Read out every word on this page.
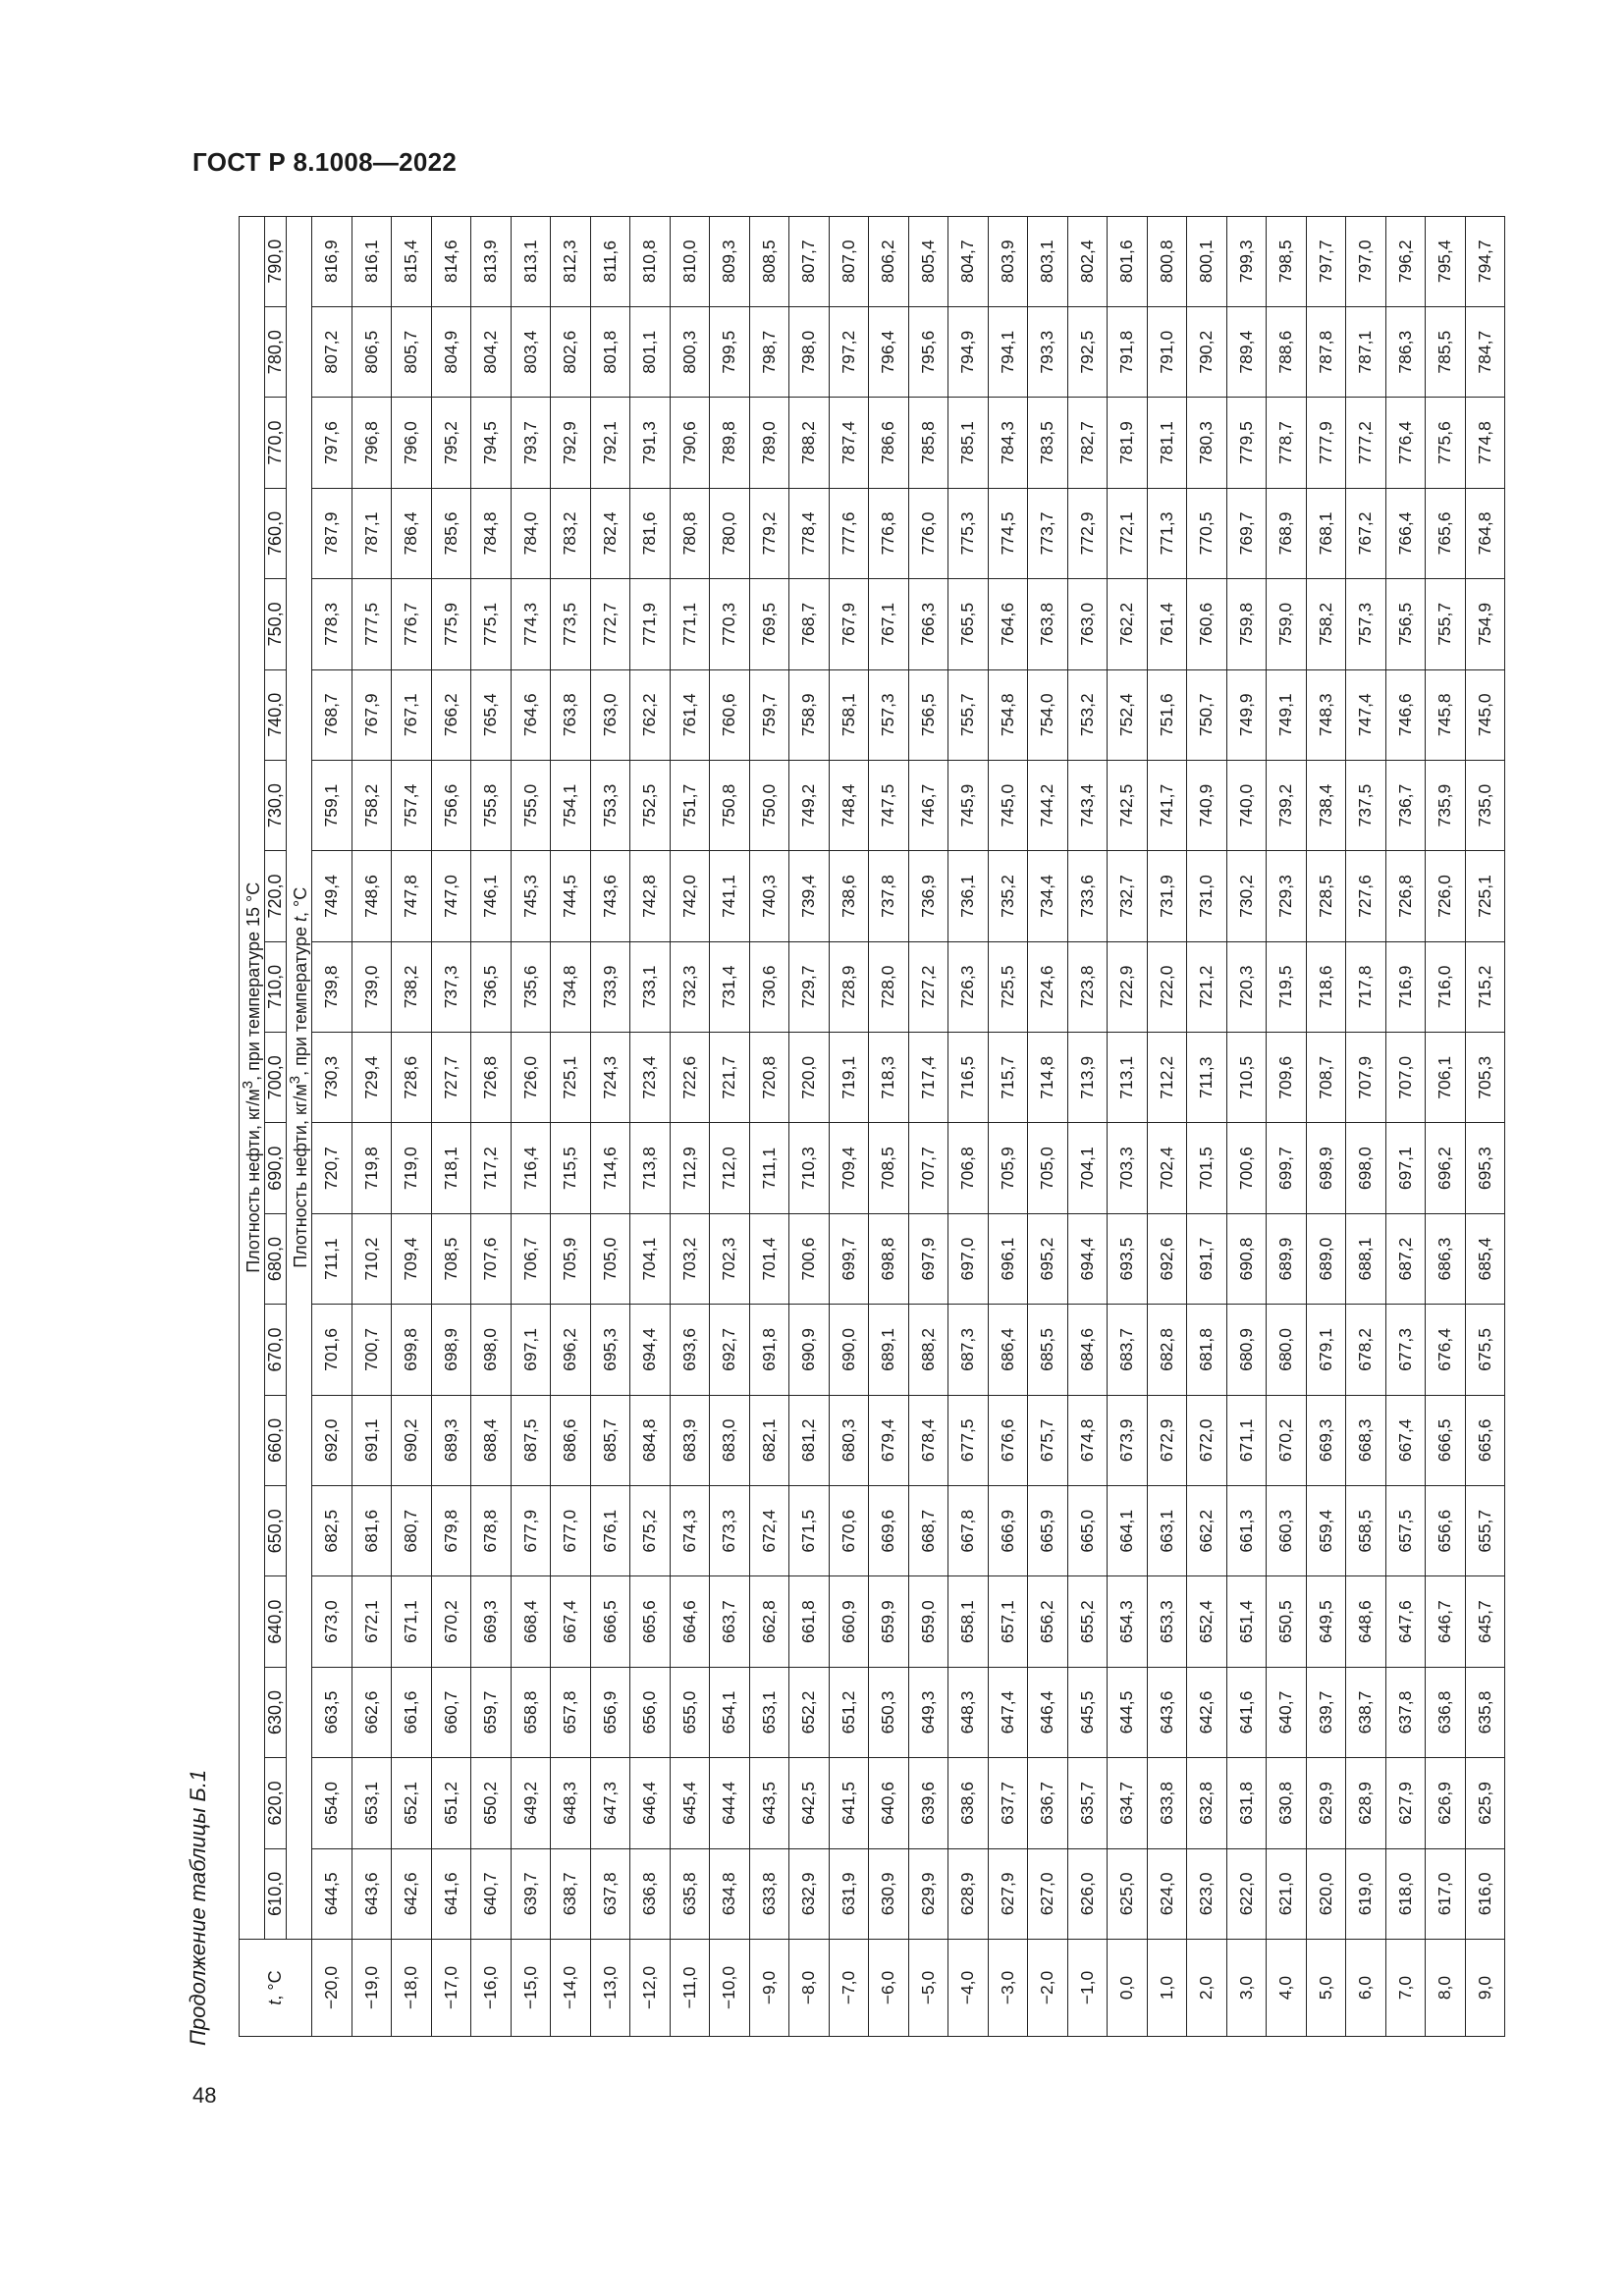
ГОСТ Р 8.1008—2022
48
Продолжение таблицы Б.1	t, °C	Плотность нефти, $кг/м^3$, при температуре 15 °C																		
	610,0	620,0	630,0	640,0	650,0	660,0	670,0	680,0	690,0	700,0	710,0	720,0	730,0	740,0	750,0	760,0	770,0	780,0	790,0
	Плотность нефти, $кг/м^3$, при температуре t, °C																		
−20,0	644,5	654,0	663,5	673,0	682,5	692,0	701,6	711,1	720,7	730,3	739,8	749,4	759,1	768,7	778,3	787,9	797,6	807,2	816,9
−19,0	643,6	653,1	662,6	672,1	681,6	691,1	700,7	710,2	719,8	729,4	739,0	748,6	758,2	767,9	777,5	787,1	796,8	806,5	816,1
−18,0	642,6	652,1	661,6	671,1	680,7	690,2	699,8	709,4	719,0	728,6	738,2	747,8	757,4	767,1	776,7	786,4	796,0	805,7	815,4
−17,0	641,6	651,2	660,7	670,2	679,8	689,3	698,9	708,5	718,1	727,7	737,3	747,0	756,6	766,2	775,9	785,6	795,2	804,9	814,6
−16,0	640,7	650,2	659,7	669,3	678,8	688,4	698,0	707,6	717,2	726,8	736,5	746,1	755,8	765,4	775,1	784,8	794,5	804,2	813,9
−15,0	639,7	649,2	658,8	668,4	677,9	687,5	697,1	706,7	716,4	726,0	735,6	745,3	755,0	764,6	774,3	784,0	793,7	803,4	813,1
−14,0	638,7	648,3	657,8	667,4	677,0	686,6	696,2	705,9	715,5	725,1	734,8	744,5	754,1	763,8	773,5	783,2	792,9	802,6	812,3
−13,0	637,8	647,3	656,9	666,5	676,1	685,7	695,3	705,0	714,6	724,3	733,9	743,6	753,3	763,0	772,7	782,4	792,1	801,8	811,6
−12,0	636,8	646,4	656,0	665,6	675,2	684,8	694,4	704,1	713,8	723,4	733,1	742,8	752,5	762,2	771,9	781,6	791,3	801,1	810,8
−11,0	635,8	645,4	655,0	664,6	674,3	683,9	693,6	703,2	712,9	722,6	732,3	742,0	751,7	761,4	771,1	780,8	790,6	800,3	810,0
−10,0	634,8	644,4	654,1	663,7	673,3	683,0	692,7	702,3	712,0	721,7	731,4	741,1	750,8	760,6	770,3	780,0	789,8	799,5	809,3
−9,0	633,8	643,5	653,1	662,8	672,4	682,1	691,8	701,4	711,1	720,8	730,6	740,3	750,0	759,7	769,5	779,2	789,0	798,7	808,5
−8,0	632,9	642,5	652,2	661,8	671,5	681,2	690,9	700,6	710,3	720,0	729,7	739,4	749,2	758,9	768,7	778,4	788,2	798,0	807,7
−7,0	631,9	641,5	651,2	660,9	670,6	680,3	690,0	699,7	709,4	719,1	728,9	738,6	748,4	758,1	767,9	777,6	787,4	797,2	807,0
−6,0	630,9	640,6	650,3	659,9	669,6	679,4	689,1	698,8	708,5	718,3	728,0	737,8	747,5	757,3	767,1	776,8	786,6	796,4	806,2
−5,0	629,9	639,6	649,3	659,0	668,7	678,4	688,2	697,9	707,7	717,4	727,2	736,9	746,7	756,5	766,3	776,0	785,8	795,6	805,4
−4,0	628,9	638,6	648,3	658,1	667,8	677,5	687,3	697,0	706,8	716,5	726,3	736,1	745,9	755,7	765,5	775,3	785,1	794,9	804,7
−3,0	627,9	637,7	647,4	657,1	666,9	676,6	686,4	696,1	705,9	715,7	725,5	735,2	745,0	754,8	764,6	774,5	784,3	794,1	803,9
−2,0	627,0	636,7	646,4	656,2	665,9	675,7	685,5	695,2	705,0	714,8	724,6	734,4	744,2	754,0	763,8	773,7	783,5	793,3	803,1
−1,0	626,0	635,7	645,5	655,2	665,0	674,8	684,6	694,4	704,1	713,9	723,8	733,6	743,4	753,2	763,0	772,9	782,7	792,5	802,4
0,0	625,0	634,7	644,5	654,3	664,1	673,9	683,7	693,5	703,3	713,1	722,9	732,7	742,5	752,4	762,2	772,1	781,9	791,8	801,6
1,0	624,0	633,8	643,6	653,3	663,1	672,9	682,8	692,6	702,4	712,2	722,0	731,9	741,7	751,6	761,4	771,3	781,1	791,0	800,8
2,0	623,0	632,8	642,6	652,4	662,2	672,0	681,8	691,7	701,5	711,3	721,2	731,0	740,9	750,7	760,6	770,5	780,3	790,2	800,1
3,0	622,0	631,8	641,6	651,4	661,3	671,1	680,9	690,8	700,6	710,5	720,3	730,2	740,0	749,9	759,8	769,7	779,5	789,4	799,3
4,0	621,0	630,8	640,7	650,5	660,3	670,2	680,0	689,9	699,7	709,6	719,5	729,3	739,2	749,1	759,0	768,9	778,7	788,6	798,5
5,0	620,0	629,9	639,7	649,5	659,4	669,3	679,1	689,0	698,9	708,7	718,6	728,5	738,4	748,3	758,2	768,1	777,9	787,8	797,7
6,0	619,0	628,9	638,7	648,6	658,5	668,3	678,2	688,1	698,0	707,9	717,8	727,6	737,5	747,4	757,3	767,2	777,2	787,1	797,0
7,0	618,0	627,9	637,8	647,6	657,5	667,4	677,3	687,2	697,1	707,0	716,9	726,8	736,7	746,6	756,5	766,4	776,4	786,3	796,2
8,0	617,0	626,9	636,8	646,7	656,6	666,5	676,4	686,3	696,2	706,1	716,0	726,0	735,9	745,8	755,7	765,6	775,6	785,5	795,4
9,0	616,0	625,9	635,8	645,7	655,7	665,6	675,5	685,4	695,3	705,3	715,2	725,1	735,0	745,0	754,9	764,8	774,8	784,7	794,7
